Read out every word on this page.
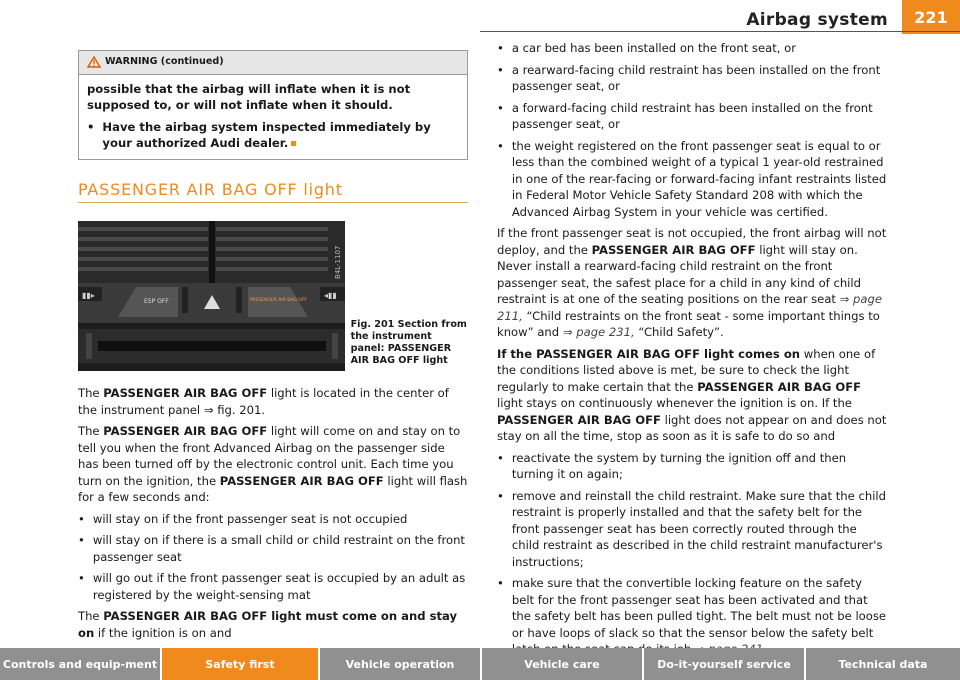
Airbag system	221
WARNING (continued)

possible that the airbag will inflate when it is not supposed to, or will not inflate when it should.

• Have the airbag system inspected immediately by your authorized Audi dealer.

PASSENGER AIR BAG OFF light
▮▮▸	◂▮▮
ESP OFF	PASSENGER AIR BAG OFF
B4L-1107
Fig. 201 Section from the instrument panel: PASSENGER AIR BAG OFF light

The PASSENGER AIR BAG OFF light is located in the center of the instrument panel ⇒ fig. 201.

The PASSENGER AIR BAG OFF light will come on and stay on to tell you when the front Advanced Airbag on the passenger side has been turned off by the electronic control unit. Each time you turn on the ignition, the PASSENGER AIR BAG OFF light will flash for a few seconds and:

• will stay on if the front passenger seat is not occupied

• will stay on if there is a small child or child restraint on the front passenger seat

• will go out if the front passenger seat is occupied by an adult as registered by the weight-sensing mat

The PASSENGER AIR BAG OFF light must come on and stay on if the ignition is on and

• a car bed has been installed on the front seat, or

• a rearward-facing child restraint has been installed on the front passenger seat, or

• a forward-facing child restraint has been installed on the front passenger seat, or

• the weight registered on the front passenger seat is equal to or less than the combined weight of a typical 1 year-old restrained in one of the rear-facing or forward-facing infant restraints listed in Federal Motor Vehicle Safety Standard 208 with which the Advanced Airbag System in your vehicle was certified.

If the front passenger seat is not occupied, the front airbag will not deploy, and the PASSENGER AIR BAG OFF light will stay on. Never install a rearward-facing child restraint on the front passenger seat, the safest place for a child in any kind of child restraint is at one of the seating positions on the rear seat ⇒ page 211, “Child restraints on the front seat - some important things to know” and ⇒ page 231, “Child Safety”.

If the PASSENGER AIR BAG OFF light comes on when one of the conditions listed above is met, be sure to check the light regularly to make certain that the PASSENGER AIR BAG OFF light stays on continuously whenever the ignition is on. If the PASSENGER AIR BAG OFF light does not appear on and does not stay on all the time, stop as soon as it is safe to do so and

• reactivate the system by turning the ignition off and then turning it on again;

• remove and reinstall the child restraint. Make sure that the child restraint is properly installed and that the safety belt for the front passenger seat has been correctly routed through the child restraint as described in the child restraint manufacturer's instructions;

• make sure that the convertible locking feature on the safety belt for the front passenger seat has been activated and that the safety belt has been pulled tight. The belt must not be loose or have loops of slack so that the sensor below the safety belt

Controls and equip-ment	Safety first	Vehicle operation	Vehicle care	Do-it-yourself service	Technical data
